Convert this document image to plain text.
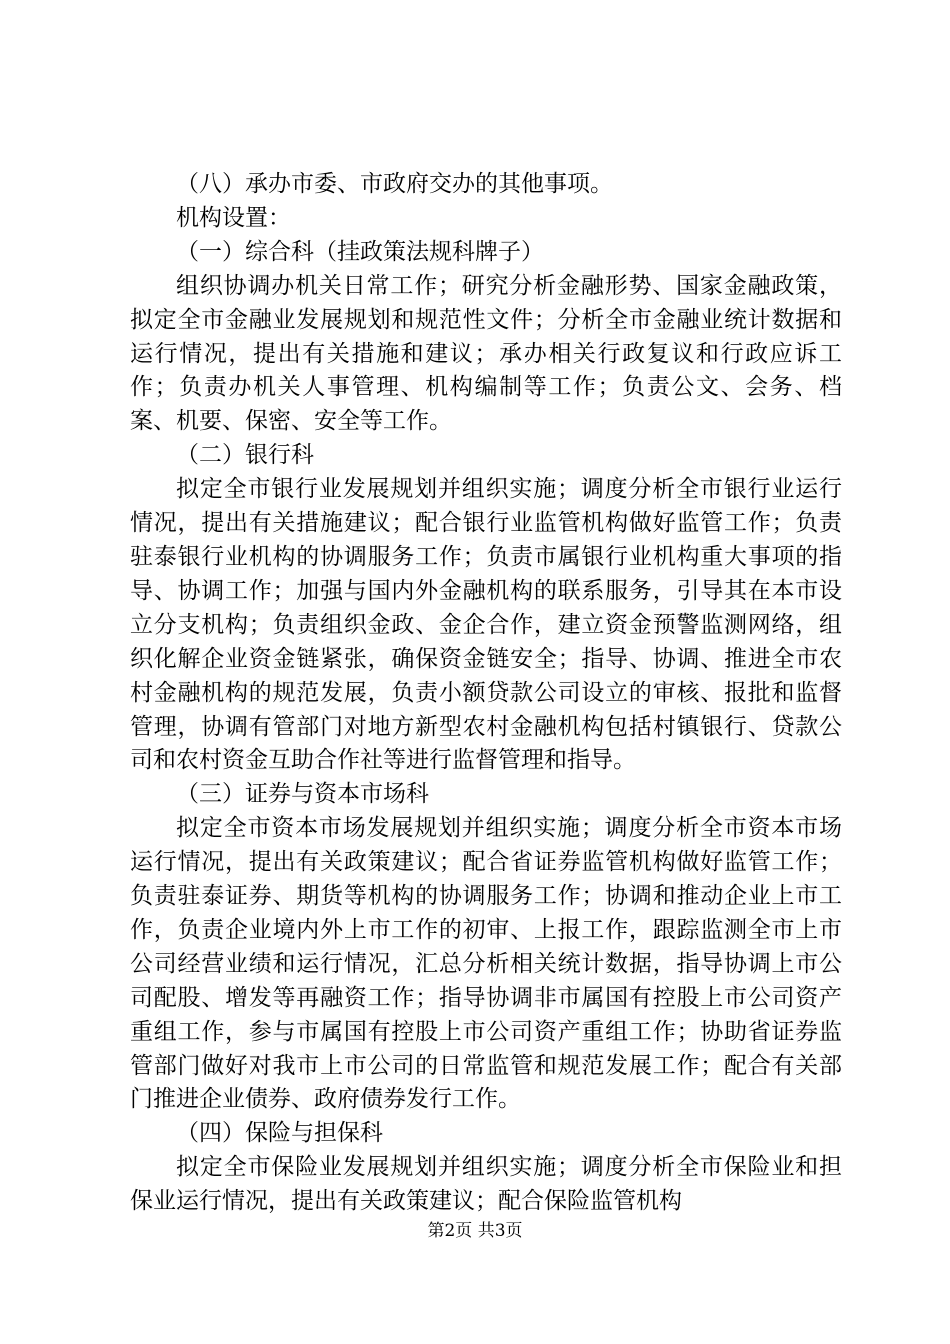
（八）承办市委、市政府交办的其他事项。

机构设置：

（一）综合科（挂政策法规科牌子）

组织协调办机关日常工作；研究分析金融形势、国家金融政策，拟定全市金融业发展规划和规范性文件；分析全市金融业统计数据和运行情况，提出有关措施和建议；承办相关行政复议和行政应诉工作；负责办机关人事管理、机构编制等工作；负责公文、会务、档案、机要、保密、安全等工作。

（二）银行科

拟定全市银行业发展规划并组织实施；调度分析全市银行业运行情况，提出有关措施建议；配合银行业监管机构做好监管工作；负责驻泰银行业机构的协调服务工作；负责市属银行业机构重大事项的指导、协调工作；加强与国内外金融机构的联系服务，引导其在本市设立分支机构；负责组织金政、金企合作，建立资金预警监测网络，组织化解企业资金链紧张，确保资金链安全；指导、协调、推进全市农村金融机构的规范发展，负责小额贷款公司设立的审核、报批和监督管理，协调有管部门对地方新型农村金融机构包括村镇银行、贷款公司和农村资金互助合作社等进行监督管理和指导。

（三）证券与资本市场科

拟定全市资本市场发展规划并组织实施；调度分析全市资本市场运行情况，提出有关政策建议；配合省证券监管机构做好监管工作；负责驻泰证券、期货等机构的协调服务工作；协调和推动企业上市工作，负责企业境内外上市工作的初审、上报工作，跟踪监测全市上市公司经营业绩和运行情况，汇总分析相关统计数据，指导协调上市公司配股、增发等再融资工作；指导协调非市属国有控股上市公司资产重组工作，参与市属国有控股上市公司资产重组工作；协助省证券监管部门做好对我市上市公司的日常监管和规范发展工作；配合有关部门推进企业债券、政府债券发行工作。

（四）保险与担保科

拟定全市保险业发展规划并组织实施；调度分析全市保险业和担保业运行情况，提出有关政策建议；配合保险监管机构

第2页 共3页
